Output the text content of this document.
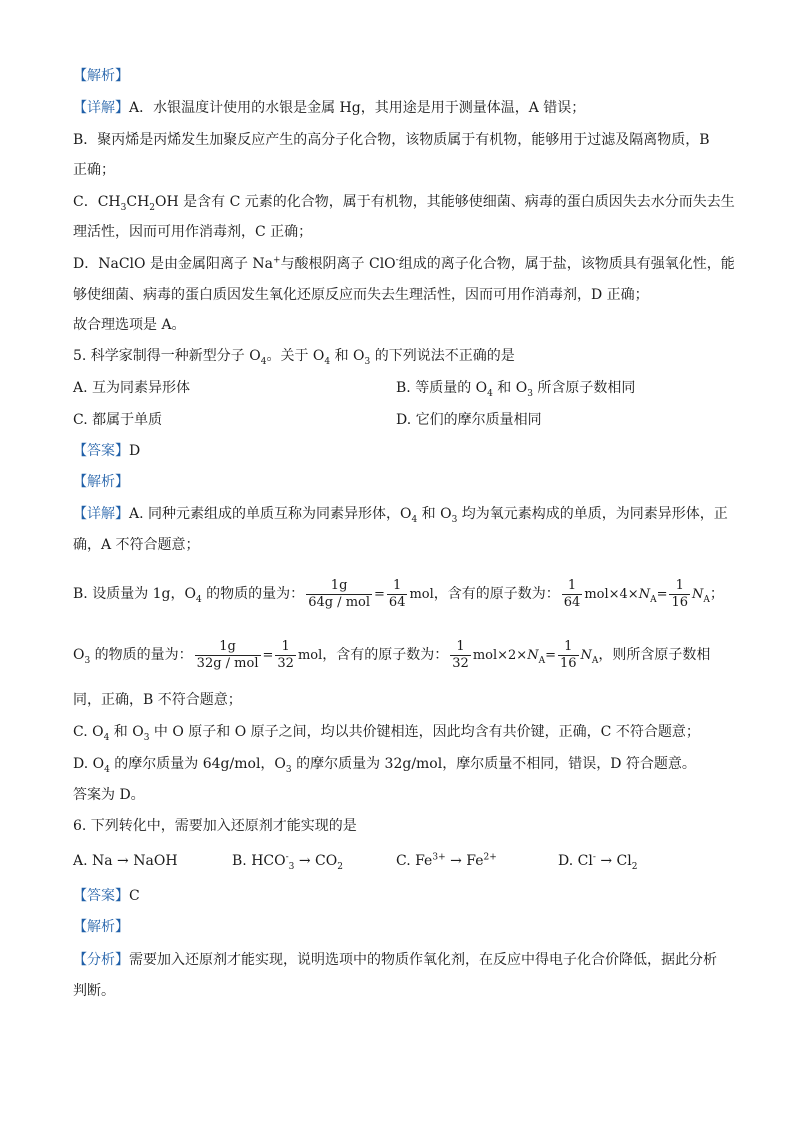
【解析】
【详解】A．水银温度计使用的水银是金属 Hg，其用途是用于测量体温，A 错误；
B．聚丙烯是丙烯发生加聚反应产生的高分子化合物，该物质属于有机物，能够用于过滤及隔离物质，B
正确；
C．$CH_3CH_2OH$ 是含有 C 元素的化合物，属于有机物，其能够使细菌、病毒的蛋白质因失去水分而失去生
理活性，因而可用作消毒剂，C 正确；
D．NaClO 是由金属阳离子 Na+与酸根阴离子 ClO-组成的离子化合物，属于盐，该物质具有强氧化性，能
够使细菌、病毒的蛋白质因发生氧化还原反应而失去生理活性，因而可用作消毒剂，D 正确；
故合理选项是 A。
5. 科学家制得一种新型分子 $O_4$。关于 $O_4$ 和 $O_3$ 的下列说法不正确的是
A. 互为同素异形体	B. 等质量的 $O_4$ 和 $O_3$ 所含原子数相同
C. 都属于单质	D. 它们的摩尔质量相同
【答案】D
【解析】
【详解】A. 同种元素组成的单质互称为同素异形体，$O_4$ 和 $O_3$ 均为氧元素构成的单质，为同素异形体，正
确，A 不符合题意；
B. 设质量为 1g，$O_4$ 的物质的量为： $\frac{1g}{\text{64g / mol}} = \frac{1}{64}$ mol，含有的原子数为： $\frac{1}{64} mol\times 4\times N_A= \frac{1}{16} N_A$；
$O_3$ 的物质的量为： $\frac{1g}{\text{32g / mol}} = \frac{1}{32}$ mol，含有的原子数为： $\frac{1}{32} mol\times 2\times N_A= \frac{1}{16} N_A$，则所含原子数相
同，正确，B 不符合题意；
C. $O_4$ 和 $O_3$ 中 O 原子和 O 原子之间，均以共价键相连，因此均含有共价键，正确，C 不符合题意；
D. $O_4$ 的摩尔质量为 64g/mol，$O_3$ 的摩尔质量为 32g/mol，摩尔质量不相同，错误，D 符合题意。
答案为 D。
6. 下列转化中，需要加入还原剂才能实现的是
A. Na → NaOH	B. $HCO^-_3 \to CO_2$	C. $Fe^{3+} \to Fe^{2+}$	D. $Cl^- \to Cl_2$
【答案】C
【解析】
【分析】需要加入还原剂才能实现，说明选项中的物质作氧化剂，在反应中得电子化合价降低，据此分析
判断。
